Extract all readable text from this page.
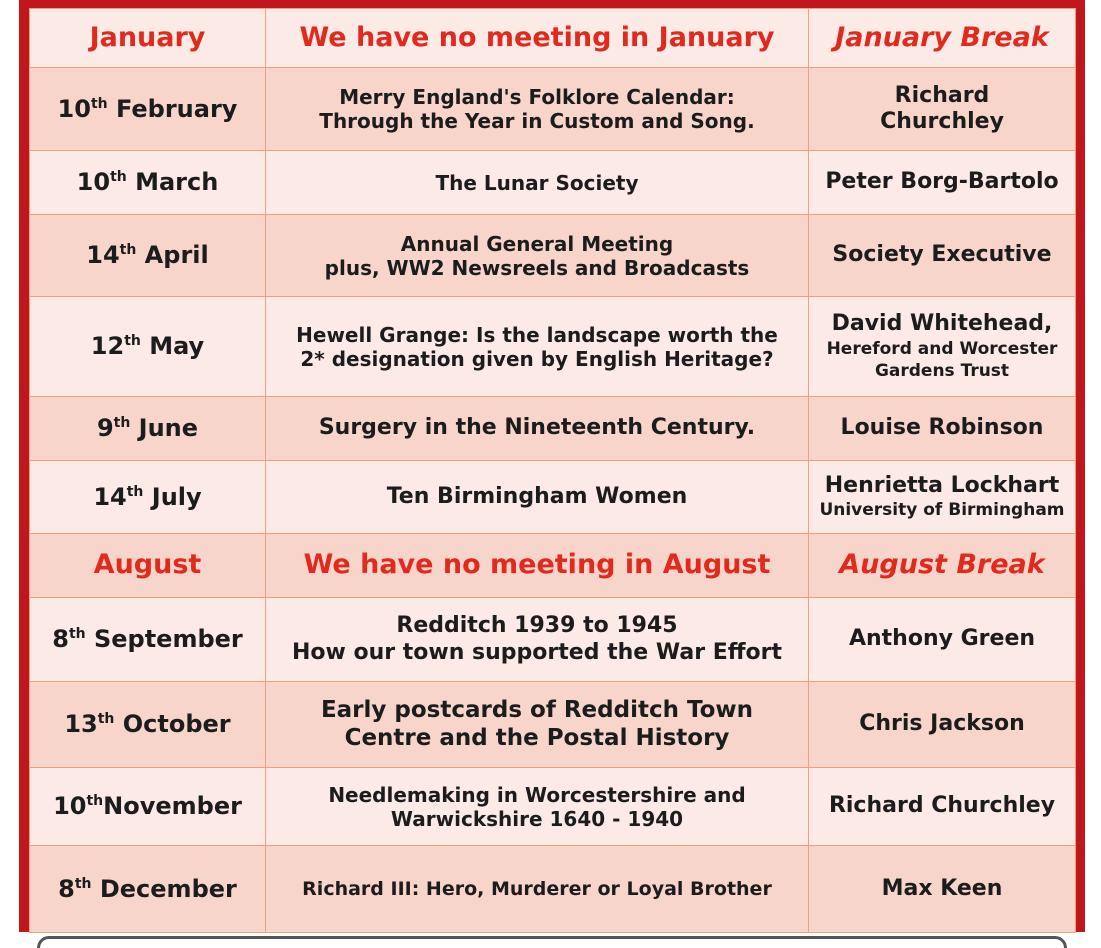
January	We have no meeting in January	January Break
10th February	Merry England's Folklore Calendar:
Through the Year in Custom and Song.	Richard
Churchley

10th March	The Lunar Society	Peter Borg-Bartolo
14th April	Annual General Meeting
plus, WW2 Newsreels and Broadcasts	Society Executive
12th May	Hewell Grange: Is the landscape worth the
2* designation given by English Heritage?	David Whitehead,
Hereford and Worcester
Gardens Trust

9th June	Surgery in the Nineteenth Century.	Louise Robinson
14th July	Ten Birmingham Women	Henrietta Lockhart
University of Birmingham

August	We have no meeting in August	August Break
8th September	Redditch 1939 to 1945
How our town supported the War Effort	Anthony Green
13th October	Early postcards of Redditch Town
Centre and the Postal History	Chris Jackson
10thNovember	Needlemaking in Worcestershire and
Warwickshire 1640 - 1940	Richard Churchley
8th December	Richard III: Hero, Murderer or Loyal Brother	Max Keen
